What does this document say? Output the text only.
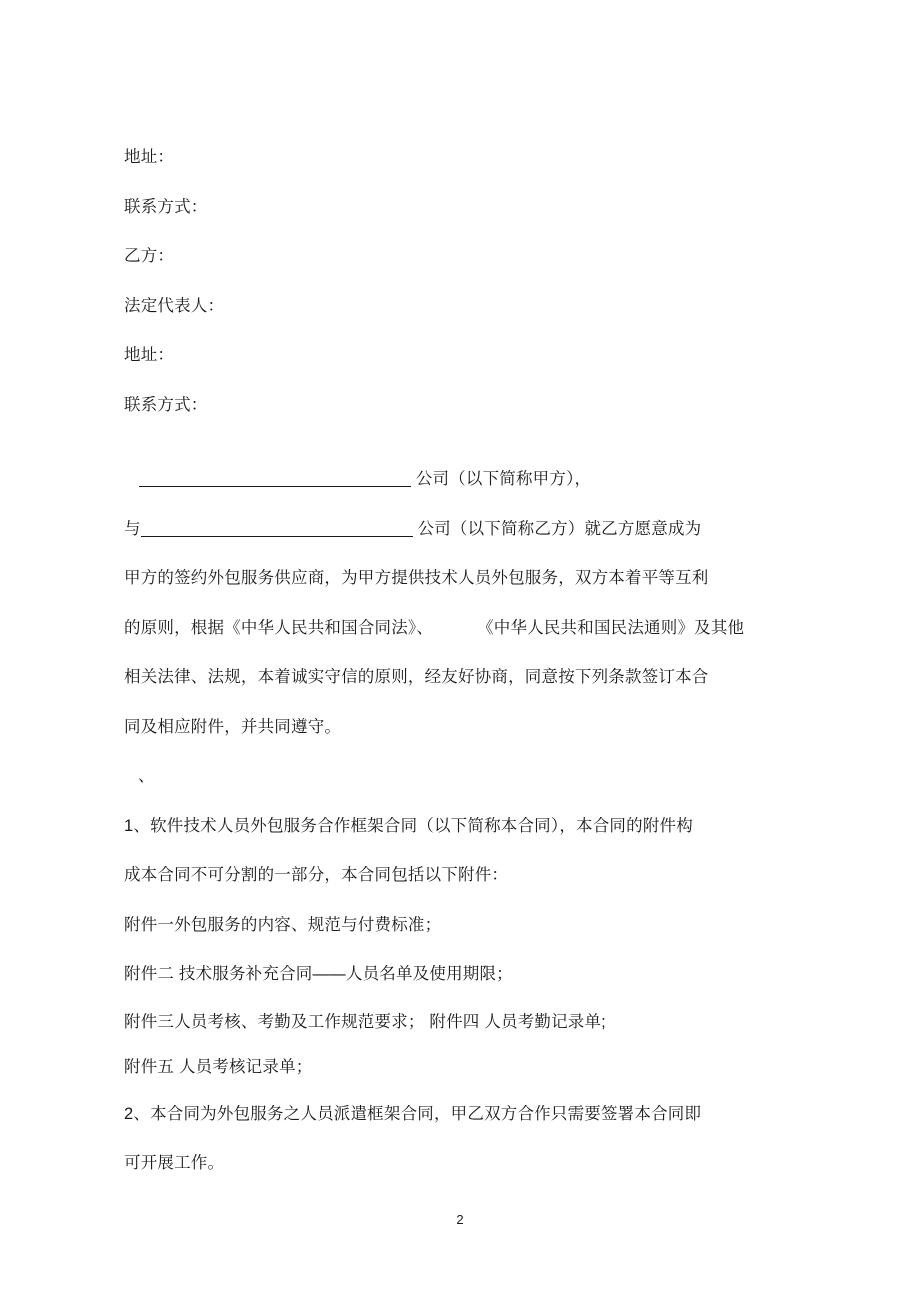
地址：

联系方式：

乙方：

法定代表人：

地址：

联系方式：

公司（以下简称甲方），

与	公司（以下简称乙方）就乙方愿意成为

甲方的签约外包服务供应商，为甲方提供技术人员外包服务，双方本着平等互利

的原则，根据《中华人民共和国合同法》、	《中华人民共和国民法通则》及其他

相关法律、法规，本着诚实守信的原则，经友好协商，同意按下列条款签订本合

同及相应附件，并共同遵守。

、

1、软件技术人员外包服务合作框架合同（以下简称本合同），本合同的附件构

成本合同不可分割的一部分，本合同包括以下附件：

附件一外包服务的内容、规范与付费标准；

附件二 技术服务补充合同——人员名单及使用期限；

附件三人员考核、考勤及工作规范要求； 附件四 人员考勤记录单;

附件五 人员考核记录单；

2、本合同为外包服务之人员派遣框架合同，甲乙双方合作只需要签署本合同即

可开展工作。

2
